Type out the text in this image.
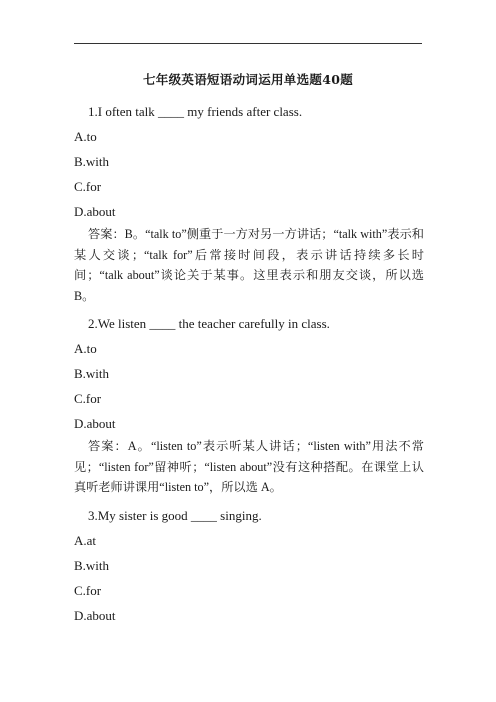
七年级英语短语动词运用单选题40题
1.I often talk ____ my friends after class.
A.to
B.with
C.for
D.about
答案：B。“talk to”侧重于一方对另一方讲话；“talk with”表示和某人交谈；“talk for”后常接时间段，表示讲话持续多长时间；“talk about”谈论关于某事。这里表示和朋友交谈，所以选 B。
2.We listen ____ the teacher carefully in class.
A.to
B.with
C.for
D.about
答案：A。“listen to”表示听某人讲话；“listen with”用法不常见；“listen for”留神听；“listen about”没有这种搭配。在课堂上认真听老师讲课用“listen to”，所以选 A。
3.My sister is good ____ singing.
A.at
B.with
C.for
D.about
